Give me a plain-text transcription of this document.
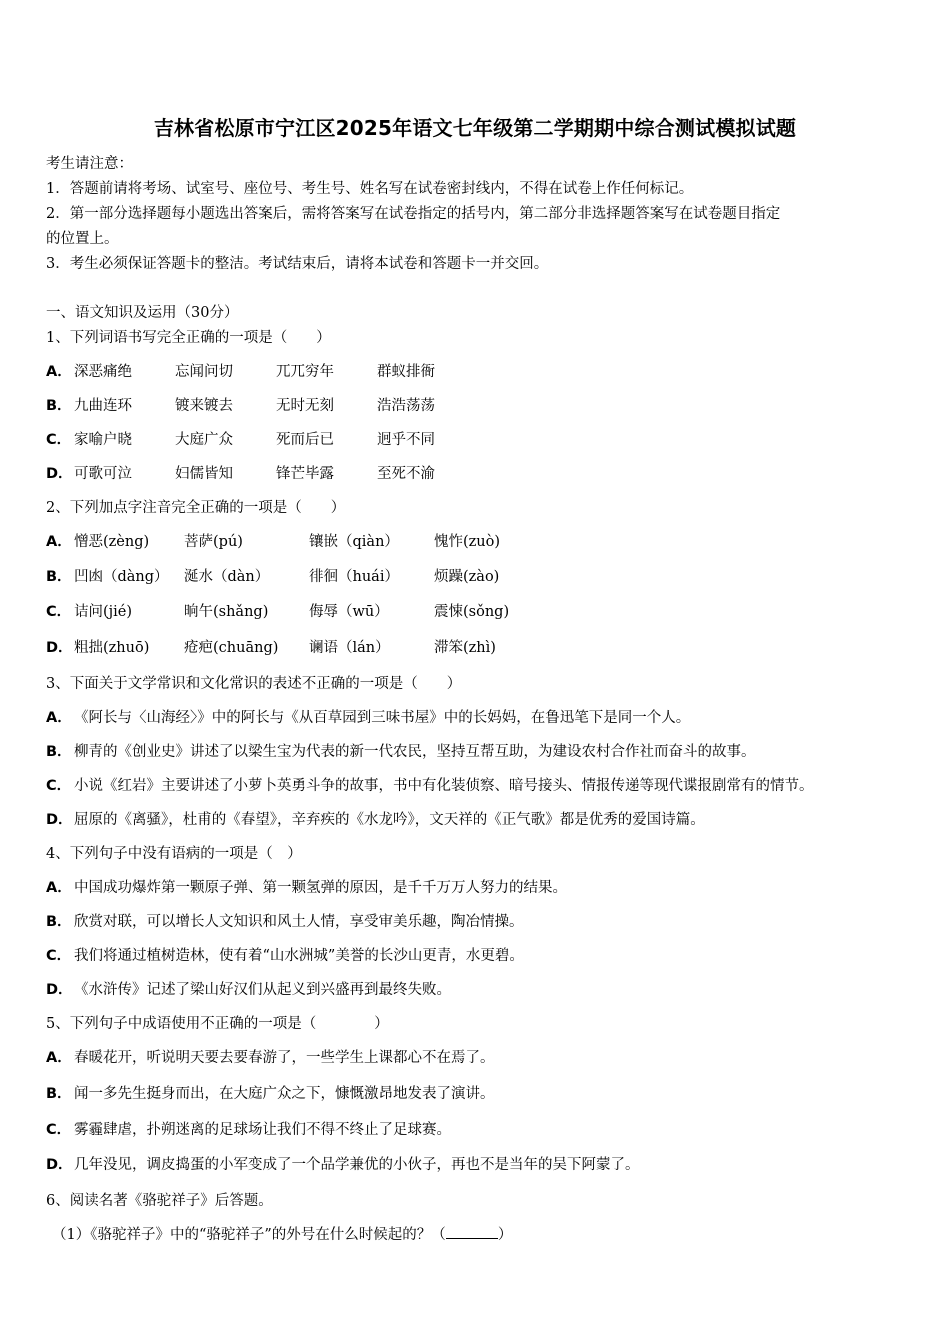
吉林省松原市宁江区2025年语文七年级第二学期期中综合测试模拟试题
考生请注意：
1．答题前请将考场、试室号、座位号、考生号、姓名写在试卷密封线内，不得在试卷上作任何标记。
2．第一部分选择题每小题选出答案后，需将答案写在试卷指定的括号内，第二部分非选择题答案写在试卷题目指定
的位置上。
3．考生必须保证答题卡的整洁。考试结束后，请将本试卷和答题卡一并交回。
一、语文知识及运用（30分）
1、下列词语书写完全正确的一项是（　　）
A． 深恶痛绝	忘闻问切	兀兀穷年	群蚁排衙
B． 九曲连环	镀来镀去	无时无刻	浩浩荡荡
C． 家喻户晓	大庭广众	死而后已	迥乎不同
D．可歌可泣	妇儒皆知	锋芒毕露	至死不渝
2、下列加点字注音完全正确的一项是（　　）
A． 憎恶(zèng) 菩萨(pú)	镶嵌（qiàn） 愧怍(zuò)
B． 凹凼（dàng） 涎水（dàn）	徘徊（huái） 烦躁(zào)
C． 诘问(jié)	晌午(shǎng)	侮辱（wū）	震悚(sǒng)
D．粗拙(zhuō) 疮疤(chuāng) 谰语（lán）	滞笨(zhì)
3、下面关于文学常识和文化常识的表述不正确的一项是（　　）
A． 《阿长与〈山海经〉》中的阿长与《从百草园到三味书屋》中的长妈妈，在鲁迅笔下是同一个人。
B． 柳青的《创业史》讲述了以梁生宝为代表的新一代农民，坚持互帮互助，为建设农村合作社而奋斗的故事。
C． 小说《红岩》主要讲述了小萝卜英勇斗争的故事，书中有化装侦察、暗号接头、情报传递等现代谍报剧常有的情节。
D．屈原的《离骚》，杜甫的《春望》，辛弃疾的《水龙吟》，文天祥的《正气歌》都是优秀的爱国诗篇。
4、下列句子中没有语病的一项是（　）
A． 中国成功爆炸第一颗原子弹、第一颗氢弹的原因，是千千万万人努力的结果。
B． 欣赏对联，可以增长人文知识和风土人情，享受审美乐趣，陶冶情操。
C． 我们将通过植树造林，使有着“山水洲城”美誉的长沙山更青，水更碧。
D．《水浒传》记述了梁山好汉们从起义到兴盛再到最终失败。
5、下列句子中成语使用不正确的一项是（　　　　）
A． 春暖花开，听说明天要去要春游了，一些学生上课都心不在焉了。
B． 闻一多先生挺身而出，在大庭广众之下，慷慨激昂地发表了演讲。
C． 雾霾肆虐，扑朔迷离的足球场让我们不得不终止了足球赛。
D．几年没见，调皮捣蛋的小军变成了一个品学兼优的小伙子，再也不是当年的吴下阿蒙了。
6、阅读名著《骆驼祥子》后答题。
（1）《骆驼祥子》中的“骆驼祥子”的外号在什么时候起的？（	）
